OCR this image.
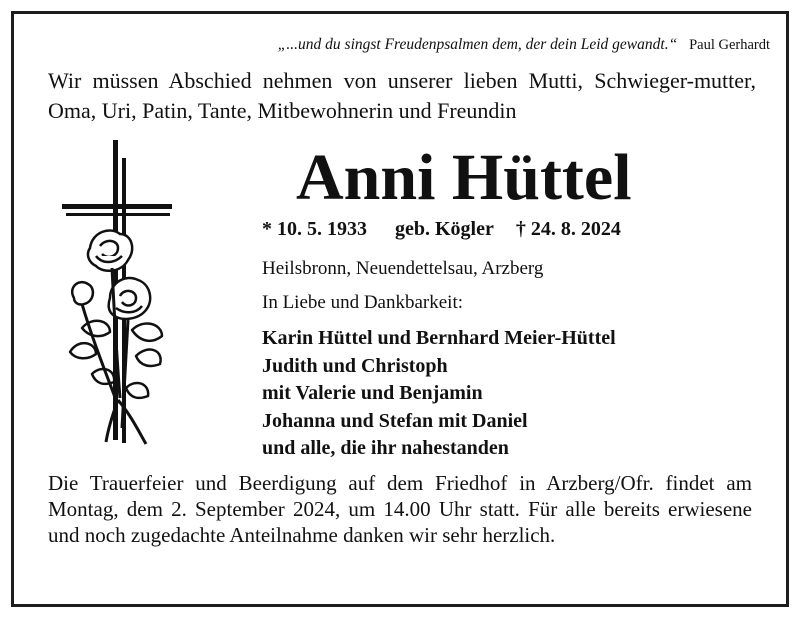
„...und du singst Freudenpsalmen dem, der dein Leid gewandt.“ Paul Gerhardt
Wir müssen Abschied nehmen von unserer lieben Mutti, Schwieger-mutter, Oma, Uri, Patin, Tante, Mitbewohnerin und Freundin
Anni Hüttel
* 10. 5. 1933 geb. Kögler † 24. 8. 2024
Heilsbronn, Neuendettelsau, Arzberg
In Liebe und Dankbarkeit:
Karin Hüttel und Bernhard Meier-Hüttel
Judith und Christoph
mit Valerie und Benjamin
Johanna und Stefan mit Daniel
und alle, die ihr nahestanden
Die Trauerfeier und Beerdigung auf dem Friedhof in Arzberg/Ofr. findet am Montag, dem 2. September 2024, um 14.00 Uhr statt. Für alle bereits erwiesene und noch zugedachte Anteilnahme danken wir sehr herzlich.
